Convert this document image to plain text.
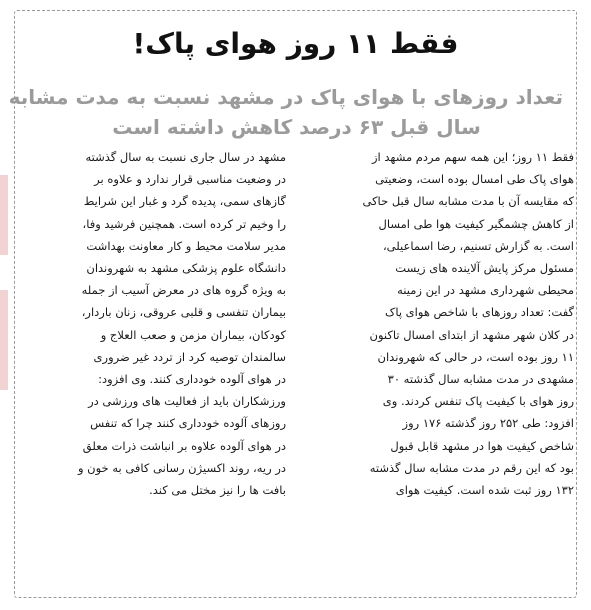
فقط ۱۱ روز هوای پاک!
تعداد روزهای با هوای پاک در مشهد نسبت به مدت مشابه
سال قبل ۶۳ درصد کاهش داشته است
فقط ۱۱ روز؛ این همه سهم مردم مشهد از
هوای پاک طی امسال بوده است، وضعیتی
که مقایسه آن با مدت مشابه سال قبل حاکی
از کاهش چشمگیر کیفیت هوا طی امسال
است. به گزارش تسنیم، رضا اسماعیلی،
مسئول مرکز پایش آلاینده های زیست
محیطی شهرداری مشهد در این زمینه
گفت: تعداد روزهای با شاخص هوای پاک
در کلان شهر مشهد از ابتدای امسال تاکنون
۱۱ روز بوده است، در حالی که شهروندان
مشهدی در مدت مشابه سال گذشته ۳۰
روز هوای با کیفیت پاک تنفس کردند. وی
افزود: طی ۲۵۲ روز گذشته ۱۷۶ روز
شاخص کیفیت هوا در مشهد قابل قبول
بود که این رقم در مدت مشابه سال گذشته
۱۳۲ روز ثبت شده است. کیفیت هوای
مشهد در سال جاری نسبت به سال گذشته
در وضعیت مناسبی قرار ندارد و علاوه بر
گازهای سمی، پدیده گرد و غبار این شرایط
را وخیم تر کرده است. همچنین فرشید وفا،
مدیر سلامت محیط و کار معاونت بهداشت
دانشگاه علوم پزشکی مشهد به شهروندان
به ویژه گروه های در معرض آسیب از جمله
بیماران تنفسی و قلبی عروقی، زنان باردار،
کودکان، بیماران مزمن و صعب العلاج و
سالمندان توصیه کرد از تردد غیر ضروری
در هوای آلوده خودداری کنند. وی افزود:
ورزشکاران باید از فعالیت های ورزشی در
روزهای آلوده خودداری کنند چرا که تنفس
در هوای آلوده علاوه بر انباشت ذرات معلق
در ریه، روند اکسیژن رسانی کافی به خون و
بافت ها را نیز مختل می کند.
